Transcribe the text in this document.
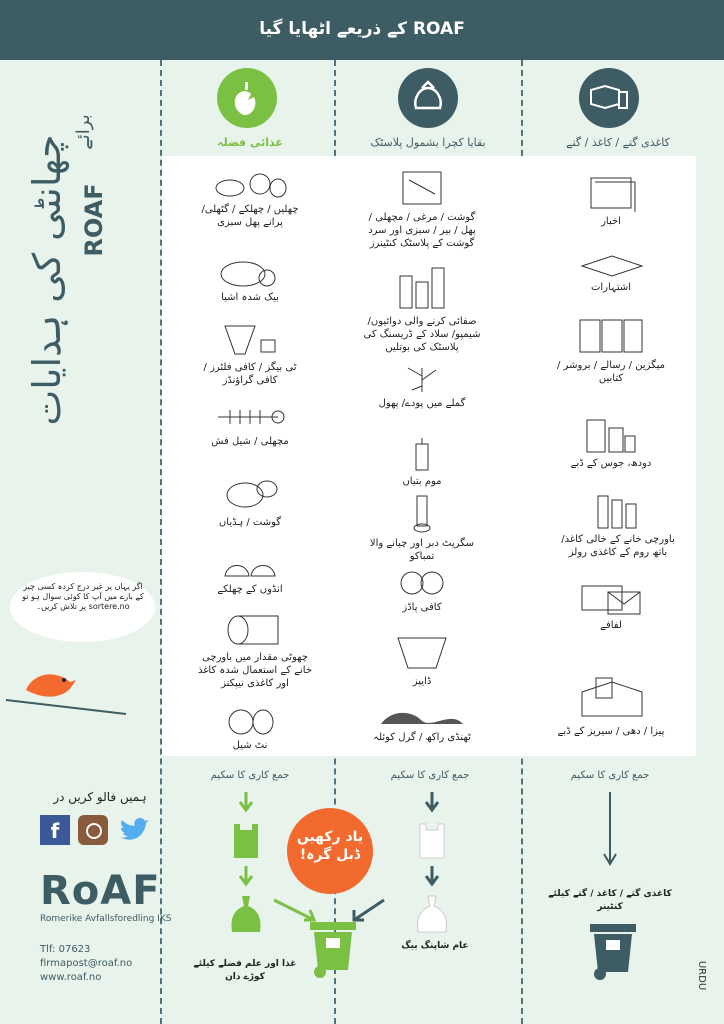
ROAF کے ذریعے اٹھایا گیا
چھانٹی کی ہدایات
برائے
ROAF
غذائی فضلہ	بقایا کچرا بشمول پلاسٹک	کاغذی گتے / کاغذ / گتے
چھلیں / چھلکے / گٹھلی/ پرانے پھل سبزی
بیک شدہ اشیا
ٹی بیگز / کافی فلٹرز / کافی گراؤنڈز
مچھلی / شیل فش
گوشت / ہڈیاں
انڈوں کے چھلکے
چھوٹی مقدار میں باورچی خانے کے استعمال شدہ کاغذ اور کاغذی نیپکنز
نٹ شیل
گوشت / مرغی / مچھلی / پھل / بیر / سبزی اور سرد گوشت کے پلاسٹک کنٹینرز
صفائی کرنے والی دوائیوں/ شیمپو/ سلاد کے ڈریسنگ کی پلاسٹک کی بوتلیں
گملے میں پودے/ پھول
موم بتیاں
سگریٹ دبر اور چبانے والا تمباکو
کافی پاڈز
ڈایپز
ٹھنڈی راکھ / گرل کوئلہ
اخبار
اشتہارات
میگزین / رسالے / بروشر / کتابیں
دودھ، جوس کے ڈبے
باورچی خانے کے خالی کاغذ/ باتھ روم کے کاغذی رولز
لفافے
پیزا / دھی / سیریز کے ڈبے
جمع کاری کا سکیم	جمع کاری کا سکیم	جمع کاری کا سکیم
غذا اور علم فضلے کیلئے کوڑے دان
یاد رکھیں ڈبل گرہ!
عام شاپنگ بیگ
کاغذی گتے / کاغذ / گتے کیلئے کنٹینر

اگر یہاں پر غیر درج کردہ کسی چیز کے بارے میں آپ کا کوئی سوال ہو تو sortere.no پر تلاش کریں۔

ہمیں فالو کریں در
f
RoAF
Romerike Avfallsforedling IKS
Tlf: 07623
firmapost@roaf.no
www.roaf.no	URDU
